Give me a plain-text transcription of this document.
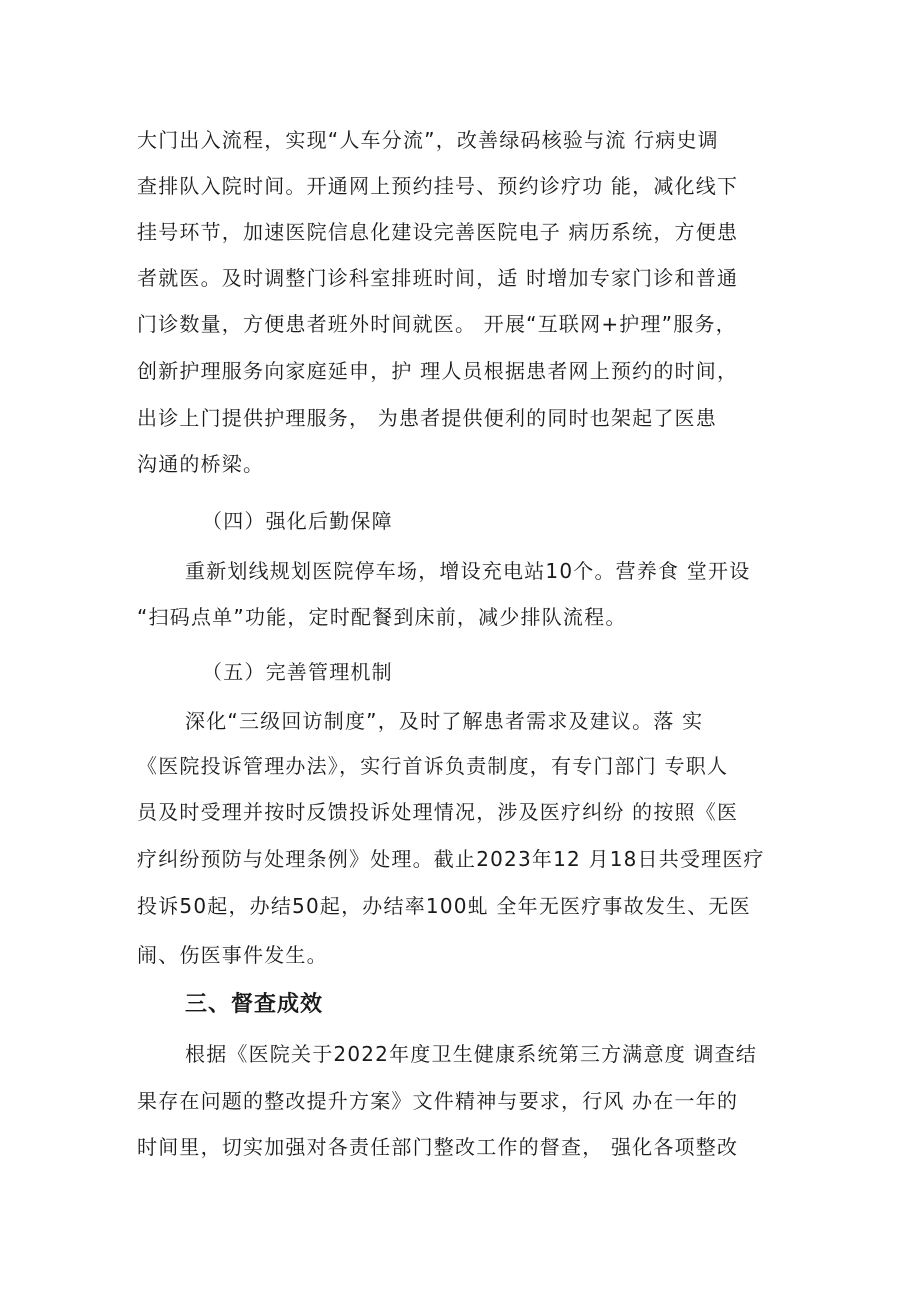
大门出入流程，实现“人车分流”，改善绿码核验与流 行病史调
查排队入院时间。开通网上预约挂号、预约诊疗功 能，减化线下
挂号环节，加速医院信息化建设完善医院电子 病历系统，方便患
者就医。及时调整门诊科室排班时间，适 时增加专家门诊和普通
门诊数量，方便患者班外时间就医。 开展“互联网+护理”服务，
创新护理服务向家庭延申，护 理人员根据患者网上预约的时间，
出诊上门提供护理服务， 为患者提供便利的同时也架起了医患
沟通的桥梁。
（四）强化后勤保障
重新划线规划医院停车场，增设充电站10个。营养食 堂开设
“扫码点单”功能，定时配餐到床前，减少排队流程。
（五）完善管理机制
深化“三级回访制度”，及时了解患者需求及建议。落 实
《医院投诉管理办法》，实行首诉负责制度，有专门部门 专职人
员及时受理并按时反馈投诉处理情况，涉及医疗纠纷 的按照《医
疗纠纷预防与处理条例》处理。截止2023年12 月18日共受理医疗
投诉50起，办结50起，办结率100虬 全年无医疗事故发生、无医
闹、伤医事件发生。
三、督查成效
根据《医院关于2022年度卫生健康系统第三方满意度 调查结
果存在问题的整改提升方案》文件精神与要求，行风 办在一年的
时间里，切实加强对各责任部门整改工作的督查， 强化各项整改
